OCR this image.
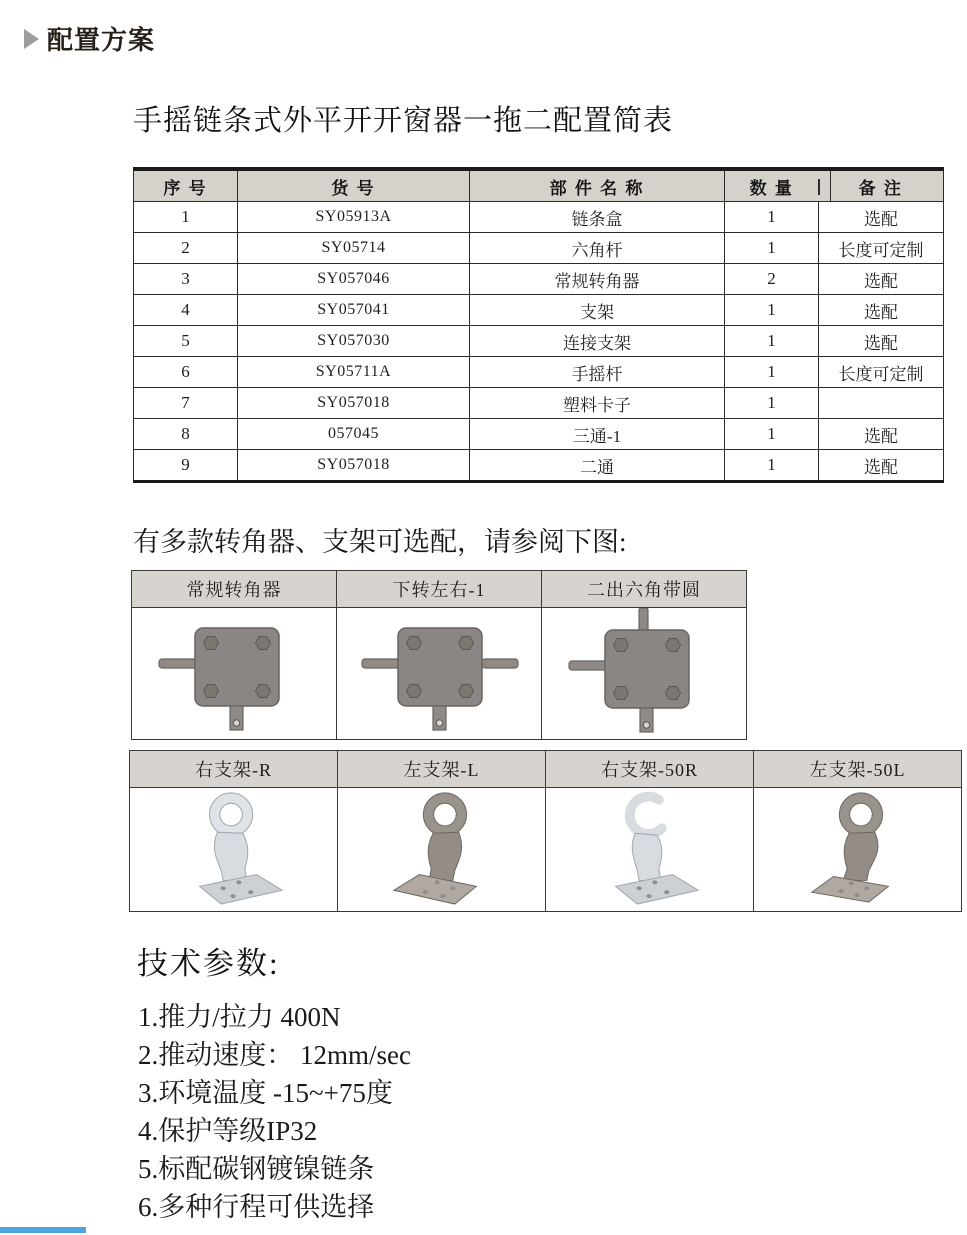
配置方案
手摇链条式外平开开窗器一拖二配置简表
序 号	货 号	部 件 名 称	数 量	备 注
1	SY05913A	链条盒	1	选配
2	SY05714	六角杆	1	长度可定制
3	SY057046	常规转角器	2	选配
4	SY057041	支架	1	选配
5	SY057030	连接支架	1	选配
6	SY05711A	手摇杆	1	长度可定制
7	SY057018	塑料卡子	1	
8	057045	三通-1	1	选配
9	SY057018	二通	1	选配
有多款转角器、支架可选配，请参阅下图:
常规转角器	下转左右-1	二出六角带圆

右支架-R	左支架-L	右支架-50R	左支架-50L

技术参数:
1.推力/拉力 400N
2.推动速度： 12mm/sec
3.环境温度 -15~+75度
4.保护等级IP32
5.标配碳钢镀镍链条
6.多种行程可供选择
